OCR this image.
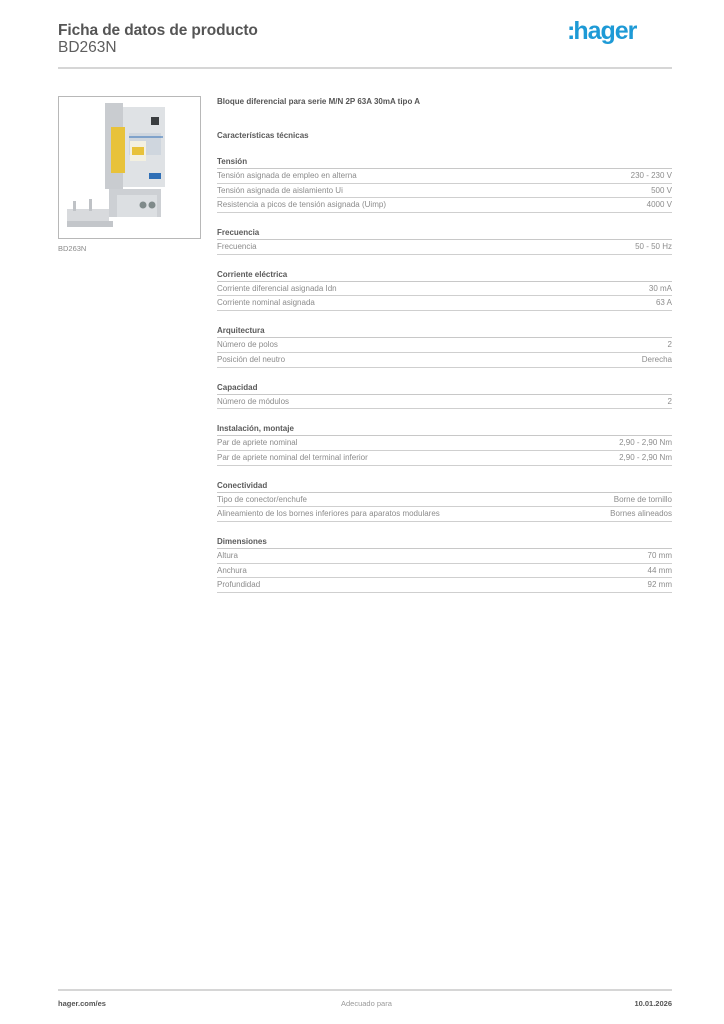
Ficha de datos de producto
BD263N
:hager
BD263N
Bloque diferencial para serie M/N 2P 63A 30mA tipo A
Características técnicas
Tensión
Tensión asignada de empleo en alterna	230 - 230 V
Tensión asignada de aislamiento Ui	500 V
Resistencia a picos de tensión asignada (Uimp)	4000 V
Frecuencia
Frecuencia	50 - 50 Hz
Corriente eléctrica
Corriente diferencial asignada Idn	30 mA
Corriente nominal asignada	63 A
Arquitectura
Número de polos	2
Posición del neutro	Derecha
Capacidad
Número de módulos	2
Instalación, montaje
Par de apriete nominal	2,90 - 2,90 Nm
Par de apriete nominal del terminal inferior	2,90 - 2,90 Nm
Conectividad
Tipo de conector/enchufe	Borne de tornillo
Alineamiento de los bornes inferiores para aparatos modulares	Bornes alineados
Dimensiones
Altura	70 mm
Anchura	44 mm
Profundidad	92 mm
hager.com/es	Adecuado para	10.01.2026
